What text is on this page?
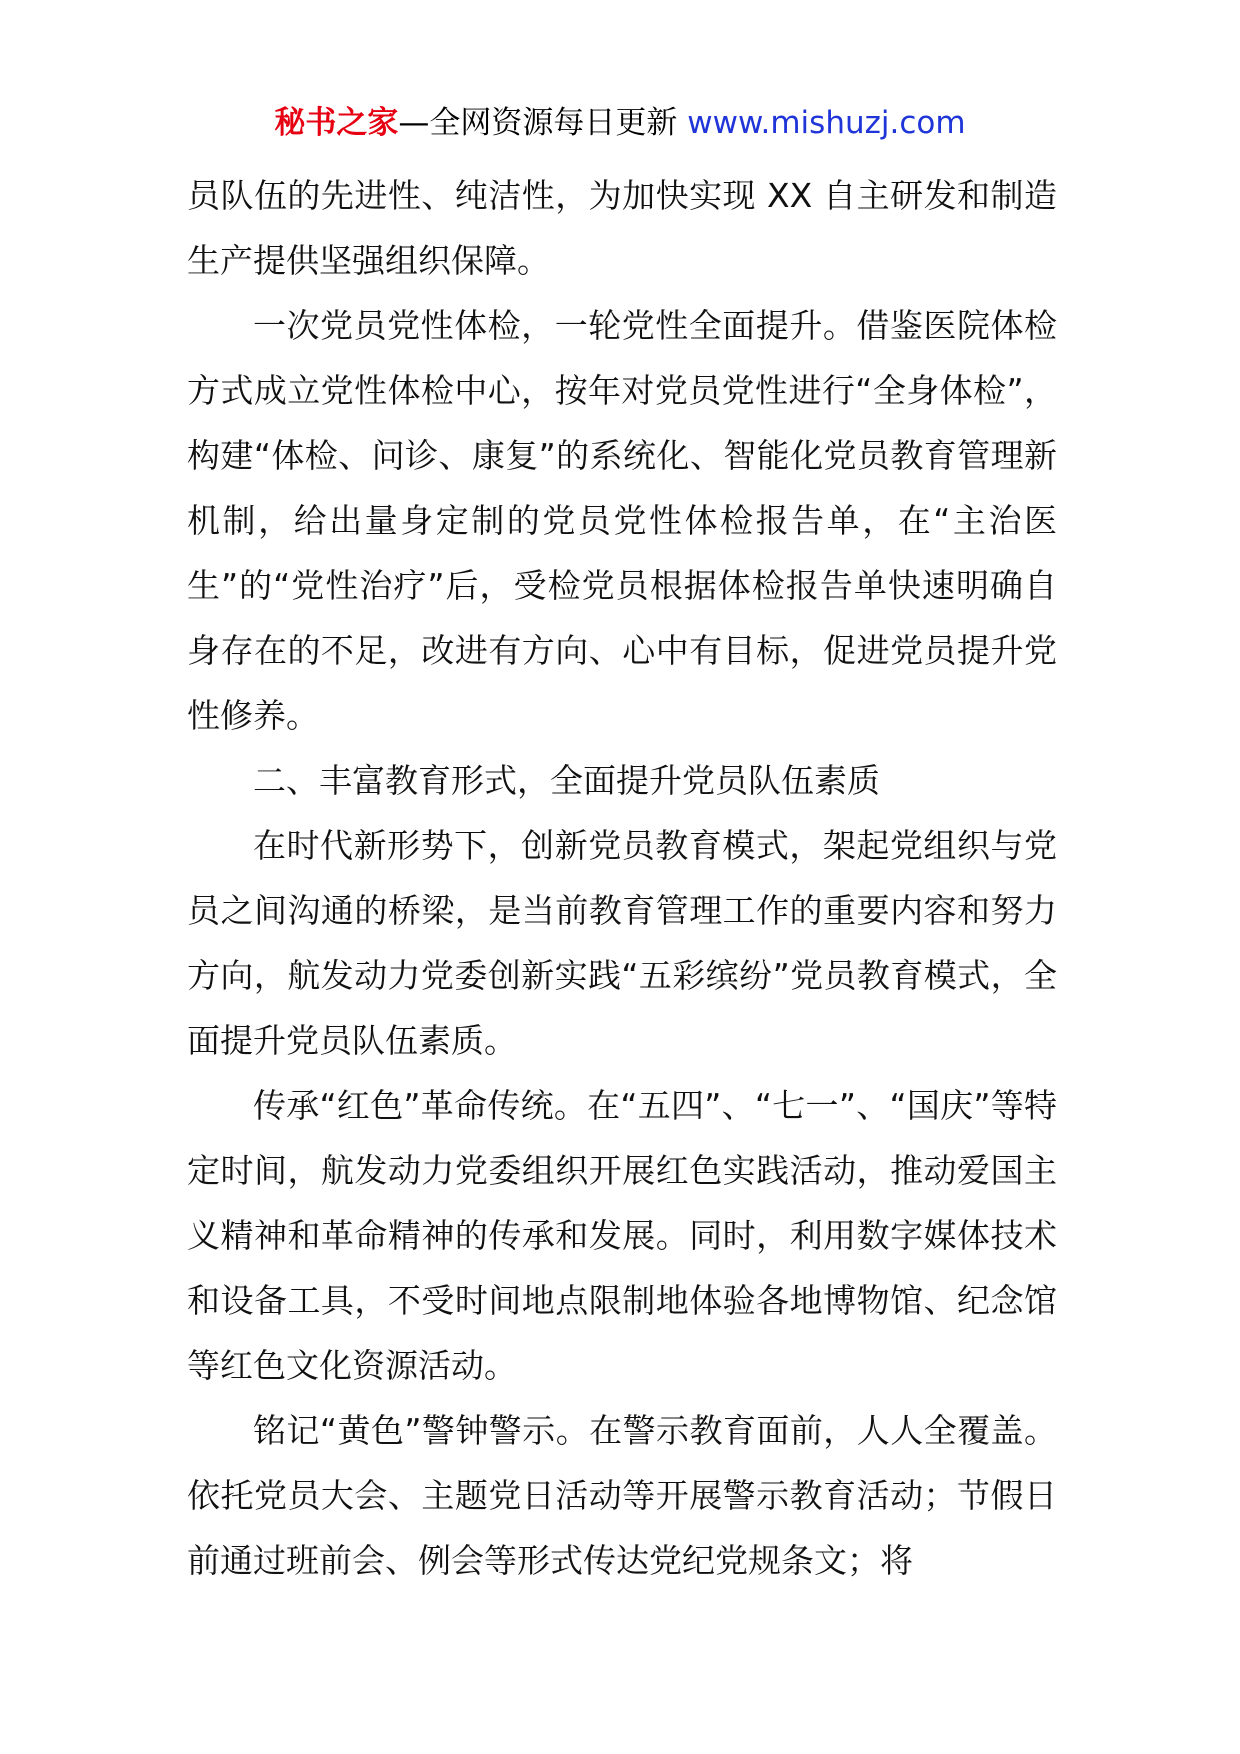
秘书之家—全网资源每日更新 www.mishuzj.com

员队伍的先进性、纯洁性，为加快实现 XX 自主研发和制造生产提供坚强组织保障。

一次党员党性体检，一轮党性全面提升。借鉴医院体检方式成立党性体检中心，按年对党员党性进行“全身体检”，构建“体检、问诊、康复”的系统化、智能化党员教育管理新机制，给出量身定制的党员党性体检报告单，在“主治医生”的“党性治疗”后，受检党员根据体检报告单快速明确自身存在的不足，改进有方向、心中有目标，促进党员提升党性修养。

二、丰富教育形式，全面提升党员队伍素质

在时代新形势下，创新党员教育模式，架起党组织与党员之间沟通的桥梁，是当前教育管理工作的重要内容和努力方向，航发动力党委创新实践“五彩缤纷”党员教育模式，全面提升党员队伍素质。

传承“红色”革命传统。在“五四”、“七一”、“国庆”等特定时间，航发动力党委组织开展红色实践活动，推动爱国主义精神和革命精神的传承和发展。同时，利用数字媒体技术和设备工具，不受时间地点限制地体验各地博物馆、纪念馆等红色文化资源活动。

铭记“黄色”警钟警示。在警示教育面前，人人全覆盖。依托党员大会、主题党日活动等开展警示教育活动；节假日前通过班前会、例会等形式传达党纪党规条文；将
